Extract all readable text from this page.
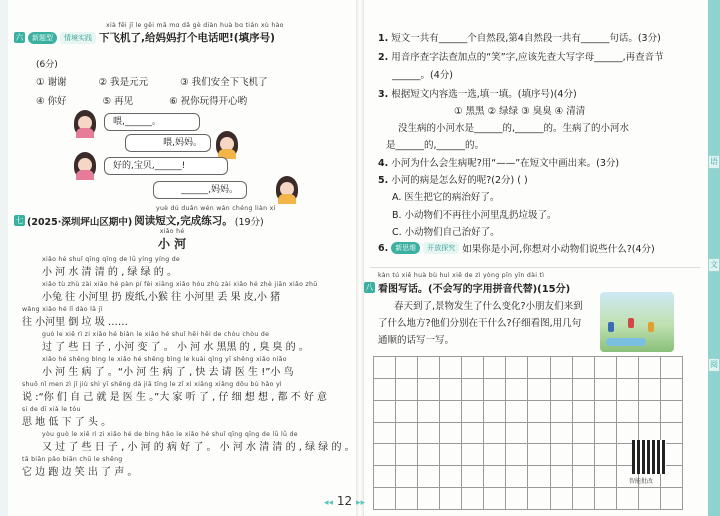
语
文
阅
xià fēi jī le gěi mā mɑ dǎ gè diàn huà bɑ tián xù hào
六	新题型	情境实践 下飞机了,给妈妈打个电话吧!(填序号)
(6分)
① 谢谢	② 我是元元	③ 我们安全下飞机了
④ 你好	⑤ 再见	⑥ 祝你玩得开心哟
喂,______。
喂,妈妈。
好的,宝贝,______!
______,妈妈。
yuè dú duǎn wén wán chéng liàn xí
七 (2025·深圳坪山区期中) 阅读短文,完成练习。 (19分)
xiǎo hé
小 河
xiǎo hé shuǐ qīng qīng de lǜ yíng yíng de
小 河 水 清 清 的 , 绿 绿 的 。
xiǎo tù zhù zài xiǎo hé pàn pí fèi xiāng xiǎo hóu zhù zài xiǎo hé zhè jiān xiǎo zhū
小兔 往 小河里 扔 废纸,小猴 往 小河里 丢 果 皮,小 猪
wǎng xiǎo hé lǐ dào lā jī
往 小河里 倒 垃 圾 ……
guò le xiē rì zi xiǎo hé biàn le xiǎo hé shuǐ hēi hēi de chòu chòu de
过 了 些 日 子 , 小河 变 了 。 小 河 水 黑黑 的 , 臭 臭 的 。
xiǎo hé shēng bìng le xiǎo hé shēng bìng le kuài qǐng yī shēng xiǎo niǎo
小 河 生 病 了 。“小 河 生 病 了 , 快 去 请 医 生 !”小 鸟
shuō nǐ men zì jǐ jiù shì yī shēng dà jiā tīng le zǐ xì xiǎng xiǎng dōu bù hǎo yì
说 :“你 们 自 己 就 是 医 生 。”大 家 听 了 , 仔 细 想 想 , 都 不 好 意
si de dī xià le tóu
思 地 低 下 了 头 。
yòu guò le xiē rì zi xiǎo hé de bìng hǎo le xiǎo hé shuǐ qīng qīng de lǜ lǜ de
又 过 了 些 日 子 , 小 河 的 病 好 了 。 小 河 水 清 清 的 , 绿 绿 的 。
tā biān pǎo biān chū le shēng
它 边 跑 边 笑 出 了 声 。
1. 短文一共有______个自然段,第4自然段一共有______句话。(3分)
2. 用音序查字法查加点的“笑”字,应该先查大写字母______,再查音节
______。(4分)
3. 根据短文内容选一选,填一填。(填序号)(4分)
① 黑黑 ② 绿绿 ③ 臭臭 ④ 清清
没生病的小河水是______的,______的。生病了的小河水
是______的,______的。
4. 小河为什么会生病呢?用“——”在短文中画出来。(3分)
5. 小河的病是怎么好的呢?(2分) ( )
A. 医生把它的病治好了。
B. 小动物们不再往小河里乱扔垃圾了。
C. 小动物们自己治好了。
6.	新思维	开放探究 如果你是小河,你想对小动物们说些什么?(4分)
kàn tú xiě huà bù huì xiě de zì yòng pīn yīn dài tì
八 看图写话。(不会写的字用拼音代替)(15分)
春天到了,景物发生了什么变化?小朋友们来到
了什么地方?他们分别在干什么?仔细看图,用几句
通顺的话写一写。

智能批改
◂◂ 12 ▸▸
